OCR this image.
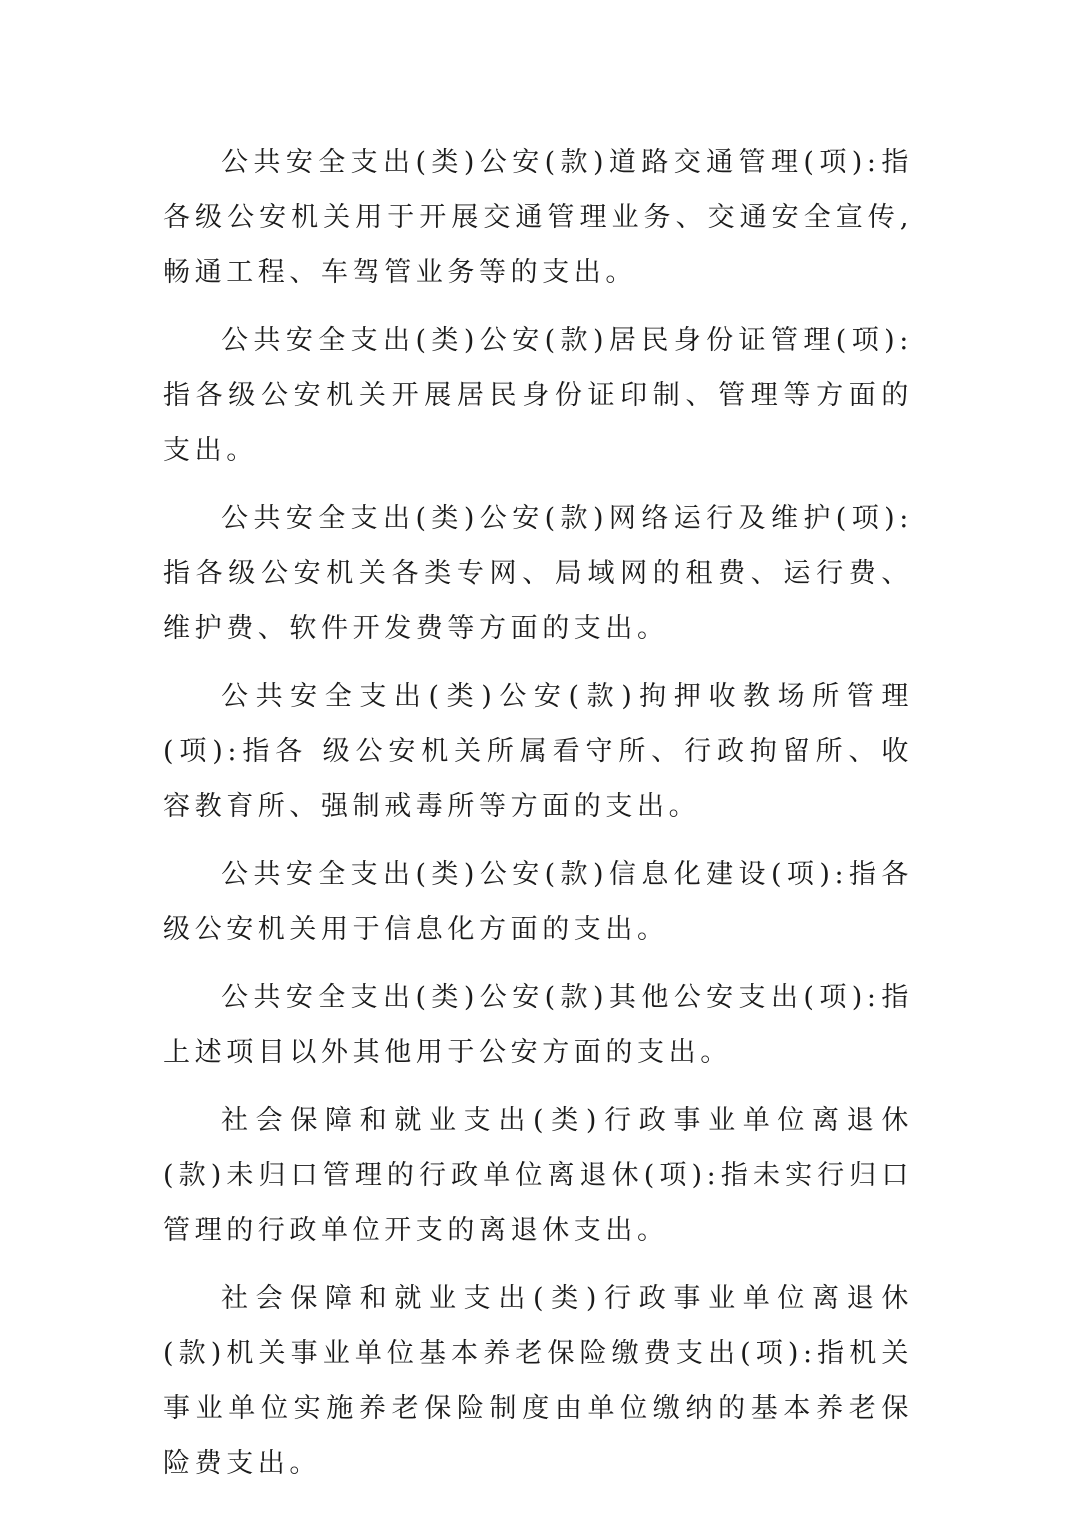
公共安全支出(类)公安(款)道路交通管理(项):指各级公安机关用于开展交通管理业务、交通安全宣传,畅通工程、车驾管业务等的支出。

公共安全支出(类)公安(款)居民身份证管理(项):指各级公安机关开展居民身份证印制、管理等方面的支出。

公共安全支出(类)公安(款)网络运行及维护(项):指各级公安机关各类专网、局域网的租费、运行费、维护费、软件开发费等方面的支出。

公共安全支出(类)公安(款)拘押收教场所管理(项):指各 级公安机关所属看守所、行政拘留所、收容教育所、强制戒毒所等方面的支出。

公共安全支出(类)公安(款)信息化建设(项):指各级公安机关用于信息化方面的支出。

公共安全支出(类)公安(款)其他公安支出(项):指上述项目以外其他用于公安方面的支出。

社会保障和就业支出(类)行政事业单位离退休(款)未归口管理的行政单位离退休(项):指未实行归口管理的行政单位开支的离退休支出。

社会保障和就业支出(类)行政事业单位离退休(款)机关事业单位基本养老保险缴费支出(项):指机关事业单位实施养老保险制度由单位缴纳的基本养老保险费支出。
